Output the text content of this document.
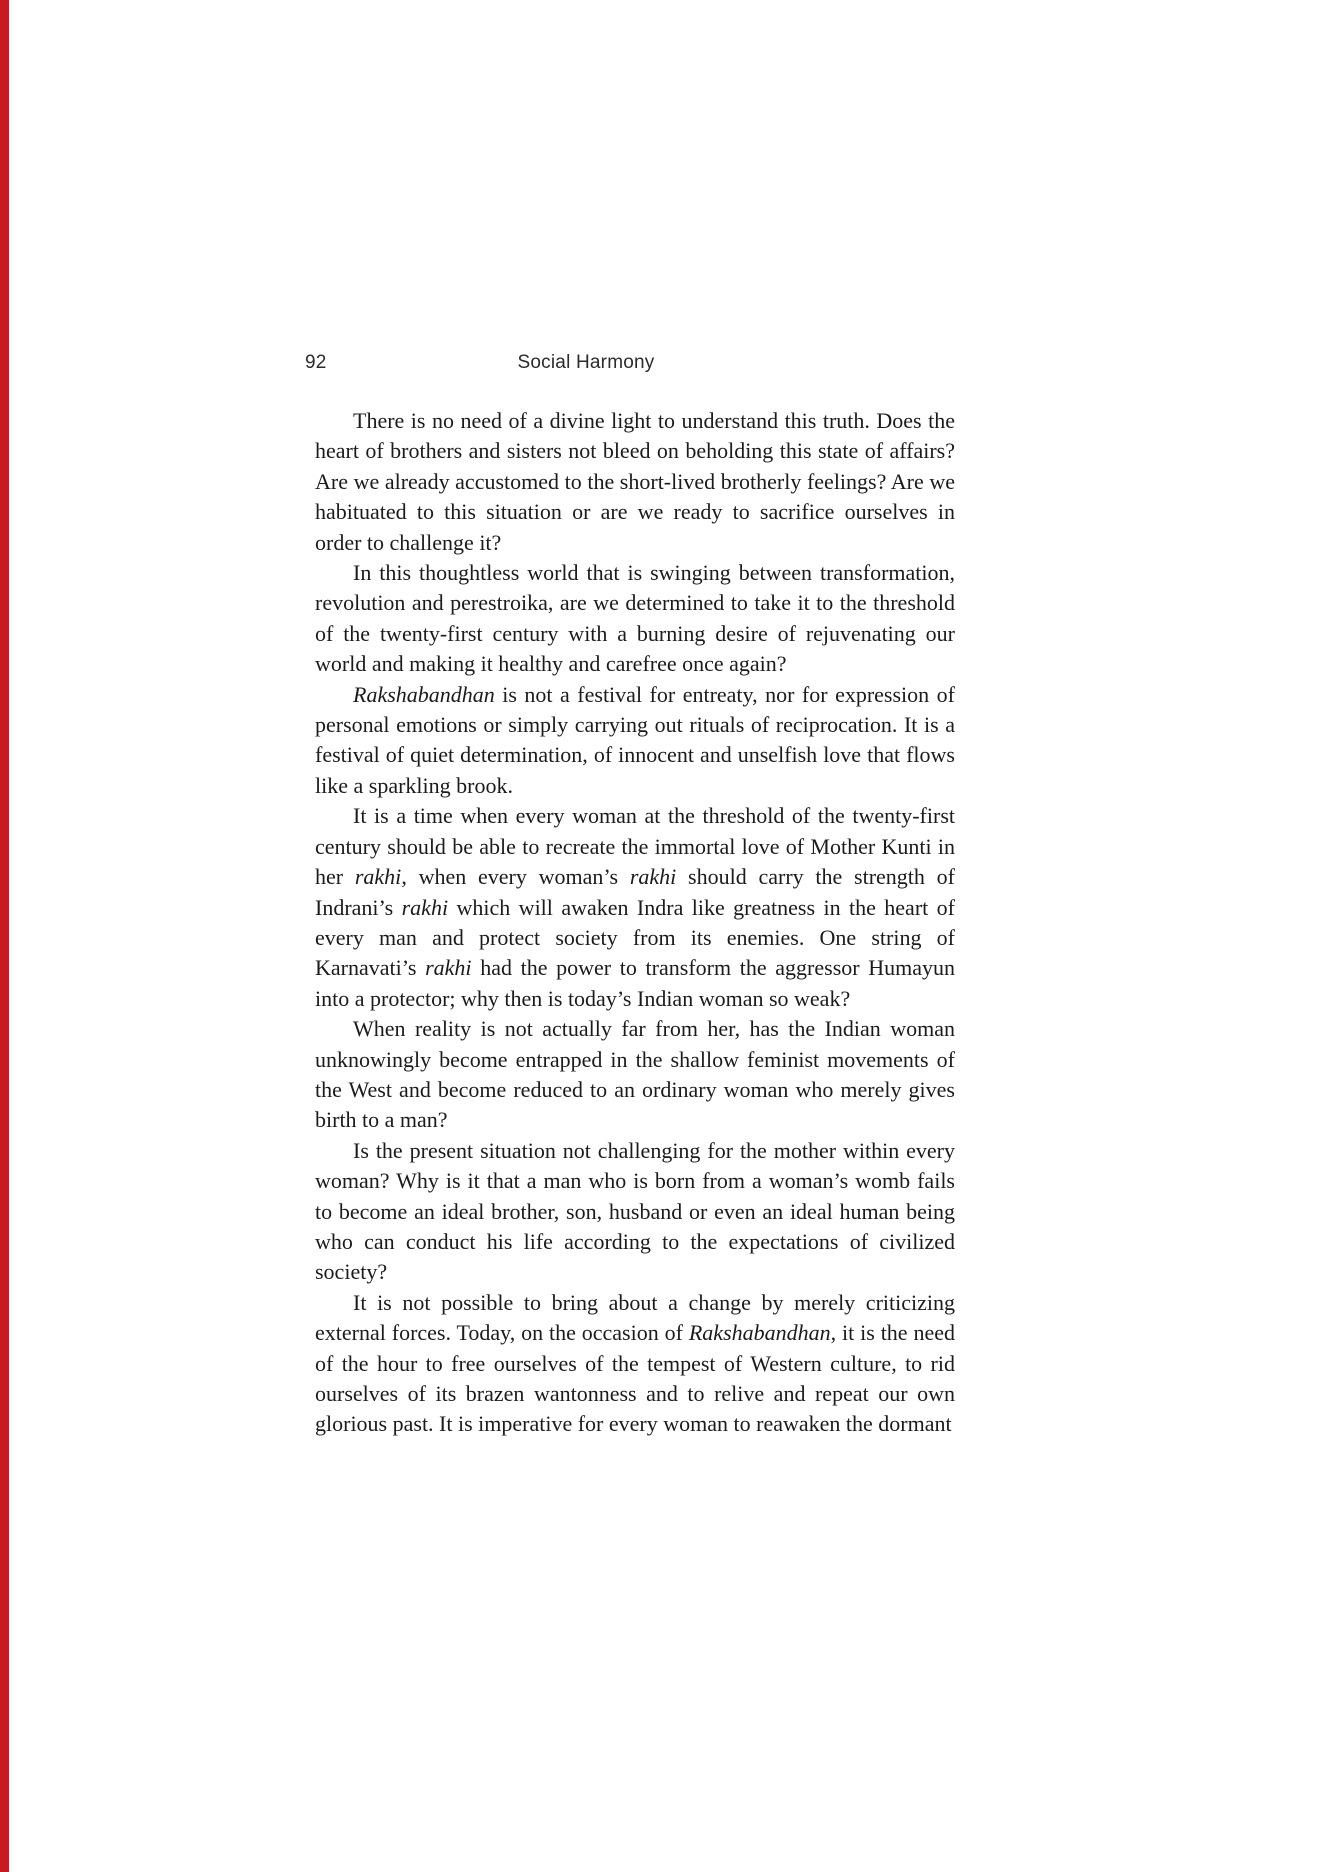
92	Social Harmony

There is no need of a divine light to understand this truth. Does the heart of brothers and sisters not bleed on beholding this state of affairs? Are we already accustomed to the short-lived brotherly feelings? Are we habituated to this situation or are we ready to sacrifice ourselves in order to challenge it?

In this thoughtless world that is swinging between transformation, revolution and perestroika, are we determined to take it to the threshold of the twenty-first century with a burning desire of rejuvenating our world and making it healthy and carefree once again?

Rakshabandhan is not a festival for entreaty, nor for expression of personal emotions or simply carrying out rituals of reciprocation. It is a festival of quiet determination, of innocent and unselfish love that flows like a sparkling brook.

It is a time when every woman at the threshold of the twenty-first century should be able to recreate the immortal love of Mother Kunti in her rakhi, when every woman’s rakhi should carry the strength of Indrani’s rakhi which will awaken Indra like greatness in the heart of every man and protect society from its enemies. One string of Karnavati’s rakhi had the power to transform the aggressor Humayun into a protector; why then is today’s Indian woman so weak?

When reality is not actually far from her, has the Indian woman unknowingly become entrapped in the shallow feminist movements of the West and become reduced to an ordinary woman who merely gives birth to a man?

Is the present situation not challenging for the mother within every woman? Why is it that a man who is born from a woman’s womb fails to become an ideal brother, son, husband or even an ideal human being who can conduct his life according to the expectations of civilized society?

It is not possible to bring about a change by merely criticizing external forces. Today, on the occasion of Rakshabandhan, it is the need of the hour to free ourselves of the tempest of Western culture, to rid ourselves of its brazen wantonness and to relive and repeat our own glorious past. It is imperative for every woman to reawaken the dormant
